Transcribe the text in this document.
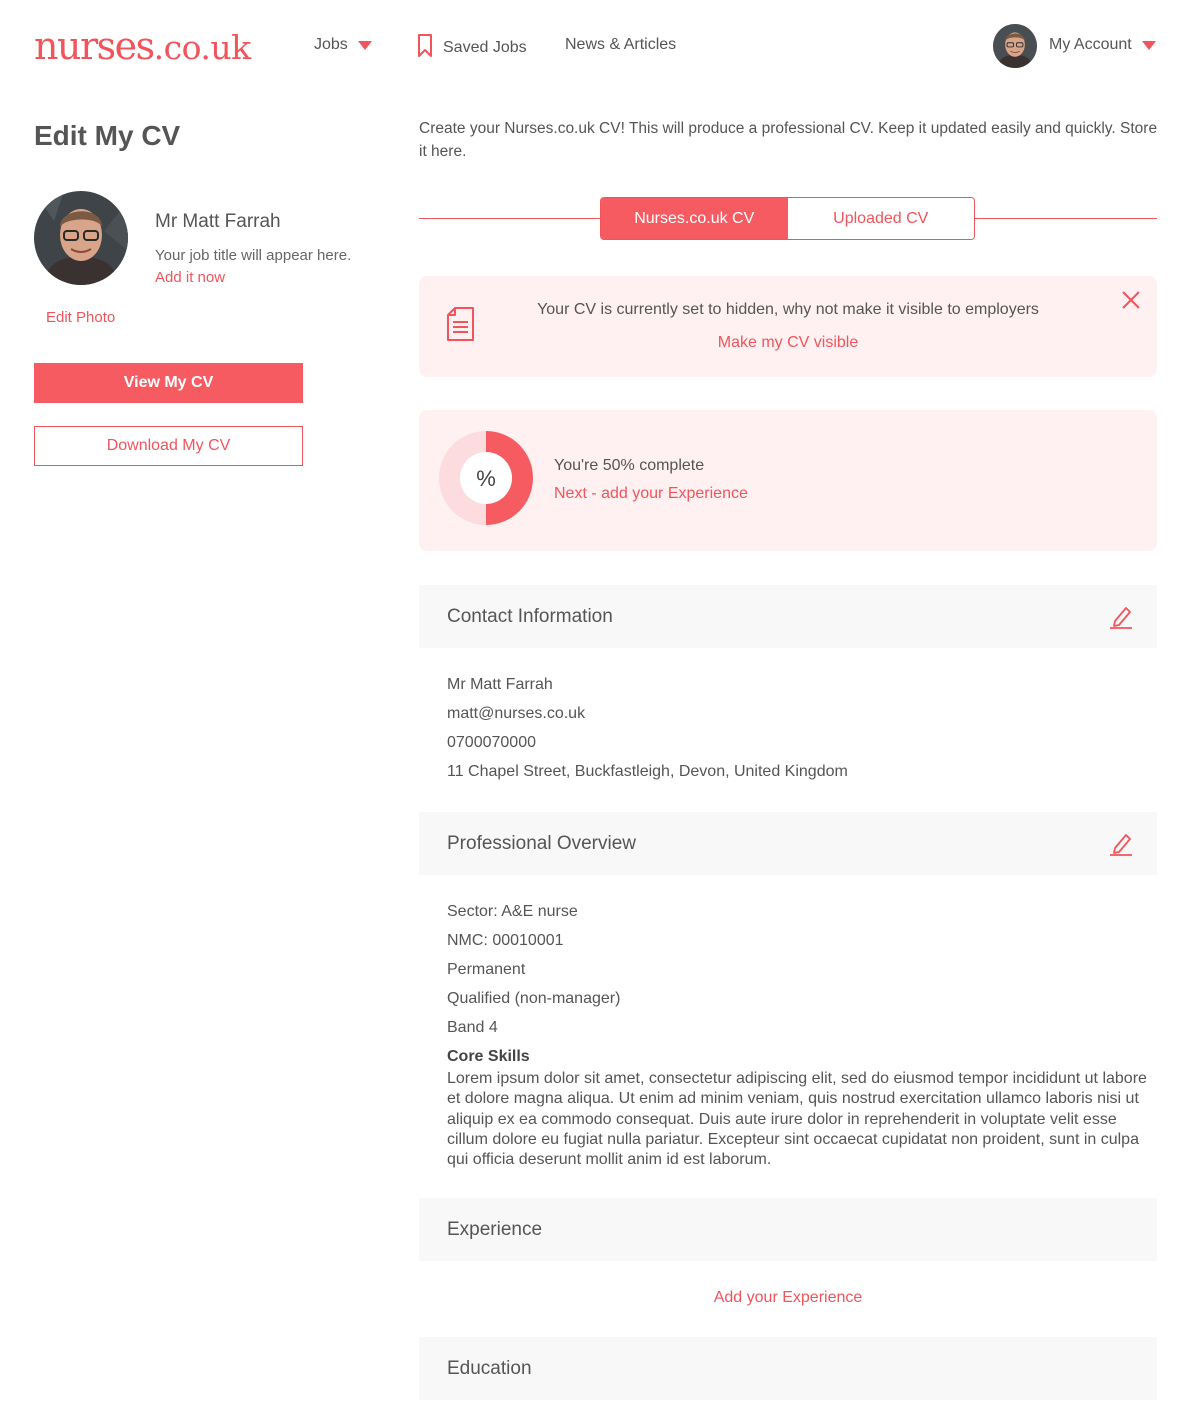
nurses.co.uk	Jobs	Saved Jobs News & Articles	My Account
Edit My CV
Mr Matt Farrah
Your job title will appear here.
Add it now
Edit Photo
View My CV
Download My CV
Create your Nurses.co.uk CV! This will produce a professional CV. Keep it updated easily and quickly. Store it here.
Nurses.co.uk CV	Uploaded CV
Your CV is currently set to hidden, why not make it visible to employers
Make my CV visible
%
You're 50% complete
Next - add your Experience
Contact Information
Mr Matt Farrah
matt@nurses.co.uk
0700070000
11 Chapel Street, Buckfastleigh, Devon, United Kingdom
Professional Overview
Sector: A&E nurse
NMC: 00010001
Permanent
Qualified (non-manager)
Band 4
Core Skills
Lorem ipsum dolor sit amet, consectetur adipiscing elit, sed do eiusmod tempor incididunt ut labore et dolore magna aliqua. Ut enim ad minim veniam, quis nostrud exercitation ullamco laboris nisi ut aliquip ex ea commodo consequat. Duis aute irure dolor in reprehenderit in voluptate velit esse cillum dolore eu fugiat nulla pariatur. Excepteur sint occaecat cupidatat non proident, sunt in culpa qui officia deserunt mollit anim id est laborum.
Experience
Add your Experience
Education
